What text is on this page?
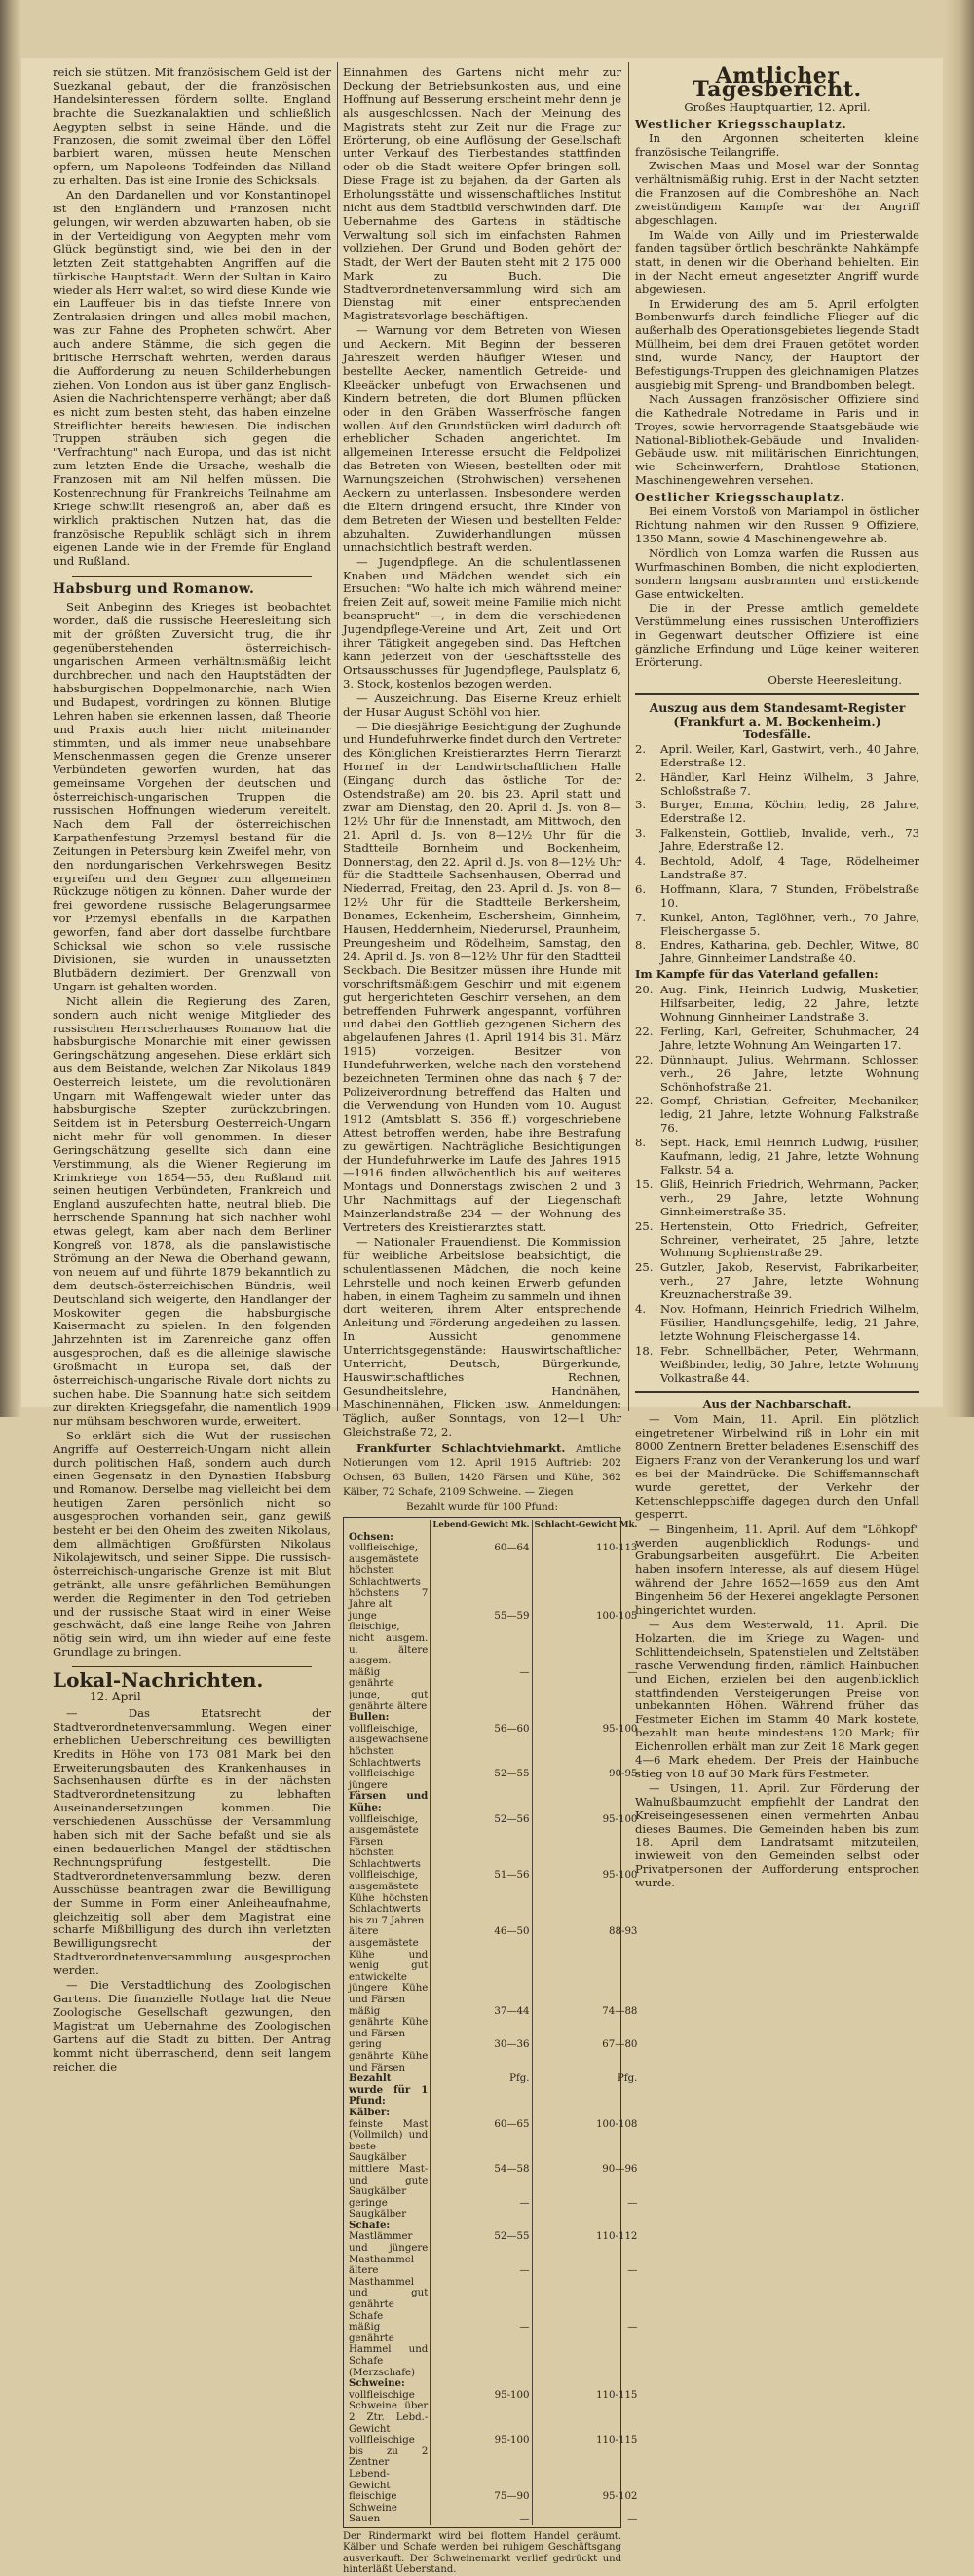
reich sie stützen. Mit französischem Geld ist der Suezkanal gebaut, der die französischen Handelsinteressen fördern sollte. England brachte die Suezkanalaktien und schließlich Aegypten selbst in seine Hände, und die Franzosen, die somit zweimal über den Löffel barbiert waren, müssen heute Menschen opfern, um Napoleons Todfeinden das Nilland zu erhalten. Das ist eine Ironie des Schicksals.

An den Dardanellen und vor Konstantinopel ist den Engländern und Franzosen nicht gelungen, wir werden abzuwarten haben, ob sie in der Verteidigung von Aegypten mehr vom Glück begünstigt sind, wie bei den in der letzten Zeit stattgehabten Angriffen auf die türkische Hauptstadt. Wenn der Sultan in Kairo wieder als Herr waltet, so wird diese Kunde wie ein Lauffeuer bis in das tiefste Innere von Zentralasien dringen und alles mobil machen, was zur Fahne des Propheten schwört. Aber auch andere Stämme, die sich gegen die britische Herrschaft wehrten, werden daraus die Aufforderung zu neuen Schilderhebungen ziehen. Von London aus ist über ganz Englisch-Asien die Nachrichtensperre verhängt; aber daß es nicht zum besten steht, das haben einzelne Streiflichter bereits bewiesen. Die indischen Truppen sträuben sich gegen die "Verfrachtung" nach Europa, und das ist nicht zum letzten Ende die Ursache, weshalb die Franzosen mit am Nil helfen müssen. Die Kostenrechnung für Frankreichs Teilnahme am Kriege schwillt riesengroß an, aber daß es wirklich praktischen Nutzen hat, das die französische Republik schlägt sich in ihrem eigenen Lande wie in der Fremde für England und Rußland.

Habsburg und Romanow.

Seit Anbeginn des Krieges ist beobachtet worden, daß die russische Heeresleitung sich mit der größten Zuversicht trug, die ihr gegenüberstehenden österreichisch-ungarischen Armeen verhältnismäßig leicht durchbrechen und nach den Hauptstädten der habsburgischen Doppelmonarchie, nach Wien und Budapest, vordringen zu können. Blutige Lehren haben sie erkennen lassen, daß Theorie und Praxis auch hier nicht miteinander stimmten, und als immer neue unabsehbare Menschenmassen gegen die Grenze unserer Verbündeten geworfen wurden, hat das gemeinsame Vorgehen der deutschen und österreichisch-ungarischen Truppen die russischen Hoffnungen wiederum vereitelt. Nach dem Fall der österreichischen Karpathenfestung Przemysl bestand für die Zeitungen in Petersburg kein Zweifel mehr, von den nordungarischen Verkehrswegen Besitz ergreifen und den Gegner zum allgemeinen Rückzuge nötigen zu können. Daher wurde der frei gewordene russische Belagerungsarmee vor Przemysl ebenfalls in die Karpathen geworfen, fand aber dort dasselbe furchtbare Schicksal wie schon so viele russische Divisionen, sie wurden in unaussetzten Blutbädern dezimiert. Der Grenzwall von Ungarn ist gehalten worden.

Nicht allein die Regierung des Zaren, sondern auch nicht wenige Mitglieder des russischen Herrscherhauses Romanow hat die habsburgische Monarchie mit einer gewissen Geringschätzung angesehen. Diese erklärt sich aus dem Beistande, welchen Zar Nikolaus 1849 Oesterreich leistete, um die revolutionären Ungarn mit Waffengewalt wieder unter das habsburgische Szepter zurückzubringen. Seitdem ist in Petersburg Oesterreich-Ungarn nicht mehr für voll genommen. In dieser Geringschätzung gesellte sich dann eine Verstimmung, als die Wiener Regierung im Krimkriege von 1854—55, den Rußland mit seinen heutigen Verbündeten, Frankreich und England auszufechten hatte, neutral blieb. Die herrschende Spannung hat sich nachher wohl etwas gelegt, kam aber nach dem Berliner Kongreß von 1878, als die panslawistische Strömung an der Newa die Oberhand gewann, von neuem auf und führte 1879 bekanntlich zu dem deutsch-österreichischen Bündnis, weil Deutschland sich weigerte, den Handlanger der Moskowiter gegen die habsburgische Kaisermacht zu spielen. In den folgenden Jahrzehnten ist im Zarenreiche ganz offen ausgesprochen, daß es die alleinige slawische Großmacht in Europa sei, daß der österreichisch-ungarische Rivale dort nichts zu suchen habe. Die Spannung hatte sich seitdem zur direkten Kriegsgefahr, die namentlich 1909 nur mühsam beschworen wurde, erweitert.

So erklärt sich die Wut der russischen Angriffe auf Oesterreich-Ungarn nicht allein durch politischen Haß, sondern auch durch einen Gegensatz in den Dynastien Habsburg und Romanow. Derselbe mag vielleicht bei dem heutigen Zaren persönlich nicht so ausgesprochen vorhanden sein, ganz gewiß besteht er bei den Oheim des zweiten Nikolaus, dem allmächtigen Großfürsten Nikolaus Nikolajewitsch, und seiner Sippe. Die russisch-österreichisch-ungarische Grenze ist mit Blut getränkt, alle unsre gefährlichen Bemühungen werden die Regimenter in den Tod getrieben und der russische Staat wird in einer Weise geschwächt, daß eine lange Reihe von Jahren nötig sein wird, um ihn wieder auf eine feste Grundlage zu bringen.

Lokal-Nachrichten. 12. April

— Das Etatsrecht der Stadtverordnetenversammlung. Wegen einer erheblichen Ueberschreitung des bewilligten Kredits in Höhe von 173 081 Mark bei den Erweiterungsbauten des Krankenhauses in Sachsenhausen dürfte es in der nächsten Stadtverordnetensitzung zu lebhaften Auseinandersetzungen kommen. Die verschiedenen Ausschüsse der Versammlung haben sich mit der Sache befaßt und sie als einen bedauerlichen Mangel der städtischen Rechnungsprüfung festgestellt. Die Stadtverordnetenversammlung bezw. deren Ausschüsse beantragen zwar die Bewilligung der Summe in Form einer Anleiheaufnahme, gleichzeitig soll aber dem Magistrat eine scharfe Mißbilligung des durch ihn verletzten Bewilligungsrecht der Stadtverordnetenversammlung ausgesprochen werden.

— Die Verstadtlichung des Zoologischen Gartens. Die finanzielle Notlage hat die Neue Zoologische Gesellschaft gezwungen, den Magistrat um Uebernahme des Zoologischen Gartens auf die Stadt zu bitten. Der Antrag kommt nicht überraschend, denn seit langem reichen die

Einnahmen des Gartens nicht mehr zur Deckung der Betriebsunkosten aus, und eine Hoffnung auf Besserung erscheint mehr denn je als ausgeschlossen. Nach der Meinung des Magistrats steht zur Zeit nur die Frage zur Erörterung, ob eine Auflösung der Gesellschaft unter Verkauf des Tierbestandes stattfinden oder ob die Stadt weitere Opfer bringen soll. Diese Frage ist zu bejahen, da der Garten als Erholungsstätte und wissenschaftliches Institut nicht aus dem Stadtbild verschwinden darf. Die Uebernahme des Gartens in städtische Verwaltung soll sich im einfachsten Rahmen vollziehen. Der Grund und Boden gehört der Stadt, der Wert der Bauten steht mit 2 175 000 Mark zu Buch. Die Stadtverordnetenversammlung wird sich am Dienstag mit einer entsprechenden Magistratsvorlage beschäftigen.

— Warnung vor dem Betreten von Wiesen und Aeckern. Mit Beginn der besseren Jahreszeit werden häufiger Wiesen und bestellte Aecker, namentlich Getreide- und Kleeäcker unbefugt von Erwachsenen und Kindern betreten, die dort Blumen pflücken oder in den Gräben Wasserfrösche fangen wollen. Auf den Grundstücken wird dadurch oft erheblicher Schaden angerichtet. Im allgemeinen Interesse ersucht die Feldpolizei das Betreten von Wiesen, bestellten oder mit Warnungszeichen (Strohwischen) versehenen Aeckern zu unterlassen. Insbesondere werden die Eltern dringend ersucht, ihre Kinder von dem Betreten der Wiesen und bestellten Felder abzuhalten. Zuwiderhandlungen müssen unnachsichtlich bestraft werden.

— Jugendpflege. An die schulentlassenen Knaben und Mädchen wendet sich ein Ersuchen: "Wo halte ich mich während meiner freien Zeit auf, soweit meine Familie mich nicht beansprucht" —, in dem die verschiedenen Jugendpflege-Vereine und Art, Zeit und Ort ihrer Tätigkeit angegeben sind. Das Heftchen kann jederzeit von der Geschäftsstelle des Ortsausschusses für Jugendpflege, Paulsplatz 6, 3. Stock, kostenlos bezogen werden.

— Auszeichnung. Das Eiserne Kreuz erhielt der Husar August Schöhl von hier.

— Die diesjährige Besichtigung der Zughunde und Hundefuhrwerke findet durch den Vertreter des Königlichen Kreistierarztes Herrn Tierarzt Hornef in der Landwirtschaftlichen Halle (Eingang durch das östliche Tor der Ostendstraße) am 20. bis 23. April statt und zwar am Dienstag, den 20. April d. Js. von 8—12½ Uhr für die Innenstadt, am Mittwoch, den 21. April d. Js. von 8—12½ Uhr für die Stadtteile Bornheim und Bockenheim, Donnerstag, den 22. April d. Js. von 8—12½ Uhr für die Stadtteile Sachsenhausen, Oberrad und Niederrad, Freitag, den 23. April d. Js. von 8—12½ Uhr für die Stadtteile Berkersheim, Bonames, Eckenheim, Eschersheim, Ginnheim, Hausen, Heddernheim, Niederursel, Praunheim, Preungesheim und Rödelheim, Samstag, den 24. April d. Js. von 8—12½ Uhr für den Stadtteil Seckbach. Die Besitzer müssen ihre Hunde mit vorschriftsmäßigem Geschirr und mit eigenem gut hergerichteten Geschirr versehen, an dem betreffenden Fuhrwerk angespannt, vorführen und dabei den Gottlieb gezogenen Sichern des abgelaufenen Jahres (1. April 1914 bis 31. März 1915) vorzeigen. Besitzer von Hundefuhrwerken, welche nach den vorstehend bezeichneten Terminen ohne das nach § 7 der Polizeiverordnung betreffend das Halten und die Verwendung von Hunden vom 10. August 1912 (Amtsblatt S. 356 ff.) vorgeschriebene Attest betroffen werden, habe ihre Bestrafung zu gewärtigen. Nachträgliche Besichtigungen der Hundefuhrwerke im Laufe des Jahres 1915—1916 finden allwöchentlich bis auf weiteres Montags und Donnerstags zwischen 2 und 3 Uhr Nachmittags auf der Liegenschaft Mainzerlandstraße 234 — der Wohnung des Vertreters des Kreistierarztes statt.

— Nationaler Frauendienst. Die Kommission für weibliche Arbeitslose beabsichtigt, die schulentlassenen Mädchen, die noch keine Lehrstelle und noch keinen Erwerb gefunden haben, in einem Tagheim zu sammeln und ihnen dort weiteren, ihrem Alter entsprechende Anleitung und Förderung angedeihen zu lassen. In Aussicht genommene Unterrichtsgegenstände: Hauswirtschaftlicher Unterricht, Deutsch, Bürgerkunde, Hauswirtschaftliches Rechnen, Gesundheitslehre, Handnähen, Maschinennähen, Flicken usw. Anmeldungen: Täglich, außer Sonntags, von 12—1 Uhr Gleichstraße 72, 2.

Frankfurter Schlachtviehmarkt. Amtliche Notierungen vom 12. April 1915 Auftrieb: 202 Ochsen, 63 Bullen, 1420 Färsen und Kühe, 362 Kälber, 72 Schafe, 2109 Schweine. — Ziegen

Bezahlt wurde für 100 Pfund:

	Lebend-Gewicht Mk.	Schlacht-Gewicht Mk.
Ochsen:		
vollfleischige, ausgemästete höchsten Schlachtwerts höchstens 7 Jahre alt	60—64	110-113
junge fleischige, nicht ausgem. u. ältere ausgem.	55—59	100-105
mäßig genährte junge, gut genährte ältere	—	—
Bullen:		
vollfleischige, ausgewachsene höchsten Schlachtwerts	56—60	95-100
vollfleischige jüngere	52—55	90-95
Färsen und Kühe:		
vollfleischige, ausgemästete Färsen höchsten Schlachtwerts	52—56	95-100
vollfleischige, ausgemästete Kühe höchsten Schlachtwerts bis zu 7 Jahren	51—56	95-100
ältere ausgemästete Kühe und wenig gut entwickelte jüngere Kühe und Färsen	46—50	88-93
mäßig genährte Kühe und Färsen	37—44	74—88
gering genährte Kühe und Färsen	30—36	67—80
Bezahlt wurde für 1 Pfund:	Pfg.	Pfg.
Kälber:		
feinste Mast (Vollmilch) und beste Saugkälber	60—65	100-108
mittlere Mast- und gute Saugkälber	54—58	90—96
geringe Saugkälber	—	—
Schafe:		
Mastlämmer und jüngere Masthammel	52—55	110-112
ältere Masthammel und gut genährte Schafe	—	—
mäßig genährte Hammel und Schafe (Merzschafe)	—	—
Schweine:		
vollfleischige Schweine über 2 Ztr. Lebd.-Gewicht	95-100	110-115
vollfleischige bis zu 2 Zentner Lebend-Gewicht	95-100	110-115
fleischige Schweine	75—90	95-102
Sauen	—	—

Der Rindermarkt wird bei flottem Handel geräumt. Kälber und Schafe werden bei ruhigem Geschäftsgang ausverkauft. Der Schweinemarkt verlief gedrückt und hinterläßt Ueberstand.

Amtlicher Tagesbericht.

Großes Hauptquartier, 12. April.

Westlicher Kriegsschauplatz.

In den Argonnen scheiterten kleine französische Teilangriffe.

Zwischen Maas und Mosel war der Sonntag verhältnismäßig ruhig. Erst in der Nacht setzten die Franzosen auf die Combreshöhe an. Nach zweistündigem Kampfe war der Angriff abgeschlagen.

Im Walde von Ailly und im Priesterwalde fanden tagsüber örtlich beschränkte Nahkämpfe statt, in denen wir die Oberhand behielten. Ein in der Nacht erneut angesetzter Angriff wurde abgewiesen.

In Erwiderung des am 5. April erfolgten Bombenwurfs durch feindliche Flieger auf die außerhalb des Operationsgebietes liegende Stadt Müllheim, bei dem drei Frauen getötet worden sind, wurde Nancy, der Hauptort der Befestigungs-Truppen des gleichnamigen Platzes ausgiebig mit Spreng- und Brandbomben belegt.

Nach Aussagen französischer Offiziere sind die Kathedrale Notredame in Paris und in Troyes, sowie hervorragende Staatsgebäude wie National-Bibliothek-Gebäude und Invaliden-Gebäude usw. mit militärischen Einrichtungen, wie Scheinwerfern, Drahtlose Stationen, Maschinengewehren versehen.

Oestlicher Kriegsschauplatz.

Bei einem Vorstoß von Mariampol in östlicher Richtung nahmen wir den Russen 9 Offiziere, 1350 Mann, sowie 4 Maschinengewehre ab.

Nördlich von Lomza warfen die Russen aus Wurfmaschinen Bomben, die nicht explodierten, sondern langsam ausbrannten und erstickende Gase entwickelten.

Die in der Presse amtlich gemeldete Verstümmelung eines russischen Unteroffiziers in Gegenwart deutscher Offiziere ist eine gänzliche Erfindung und Lüge keiner weiteren Erörterung.

Oberste Heeresleitung.

Auszug aus dem Standesamt-Register (Frankfurt a. M. Bockenheim.)

Todesfälle.

2. April. Weiler, Karl, Gastwirt, verh., 40 Jahre, Ederstraße 12.
2. Händler, Karl Heinz Wilhelm, 3 Jahre, Schloßstraße 7.
3. Burger, Emma, Köchin, ledig, 28 Jahre, Ederstraße 12.
3. Falkenstein, Gottlieb, Invalide, verh., 73 Jahre, Ederstraße 12.
4. Bechtold, Adolf, 4 Tage, Rödelheimer Landstraße 87.
6. Hoffmann, Klara, 7 Stunden, Fröbelstraße 10.
7. Kunkel, Anton, Taglöhner, verh., 70 Jahre, Fleischergasse 5.
8. Endres, Katharina, geb. Dechler, Witwe, 80 Jahre, Ginnheimer Landstraße 40.

Im Kampfe für das Vaterland gefallen:

20. Aug. Fink, Heinrich Ludwig, Musketier, Hilfsarbeiter, ledig, 22 Jahre, letzte Wohnung Ginnheimer Landstraße 3.
22. Ferling, Karl, Gefreiter, Schuhmacher, 24 Jahre, letzte Wohnung Am Weingarten 17.
22. Dünnhaupt, Julius, Wehrmann, Schlosser, verh., 26 Jahre, letzte Wohnung Schönhofstraße 21.
22. Gompf, Christian, Gefreiter, Mechaniker, ledig, 21 Jahre, letzte Wohnung Falkstraße 76.
8. Sept. Hack, Emil Heinrich Ludwig, Füsilier, Kaufmann, ledig, 21 Jahre, letzte Wohnung Falkstr. 54 a.
15. Gliß, Heinrich Friedrich, Wehrmann, Packer, verh., 29 Jahre, letzte Wohnung Ginnheimerstraße 35.
25. Hertenstein, Otto Friedrich, Gefreiter, Schreiner, verheiratet, 25 Jahre, letzte Wohnung Sophienstraße 29.
25. Gutzler, Jakob, Reservist, Fabrikarbeiter, verh., 27 Jahre, letzte Wohnung Kreuznacherstraße 39.
4. Nov. Hofmann, Heinrich Friedrich Wilhelm, Füsilier, Handlungsgehilfe, ledig, 21 Jahre, letzte Wohnung Fleischergasse 14.
18. Febr. Schnellbächer, Peter, Wehrmann, Weißbinder, ledig, 30 Jahre, letzte Wohnung Volkastraße 44.

Aus der Nachbarschaft.

— Vom Main, 11. April. Ein plötzlich eingetretener Wirbelwind riß in Lohr ein mit 8000 Zentnern Bretter beladenes Eisenschiff des Eigners Franz von der Verankerung los und warf es bei der Maindrücke. Die Schiffsmannschaft wurde gerettet, der Verkehr der Kettenschleppschiffe dagegen durch den Unfall gesperrt.

— Bingenheim, 11. April. Auf dem "Löhkopf" werden augenblicklich Rodungs- und Grabungsarbeiten ausgeführt. Die Arbeiten haben insofern Interesse, als auf diesem Hügel während der Jahre 1652—1659 aus den Amt Bingenheim 56 der Hexerei angeklagte Personen hingerichtet wurden.

— Aus dem Westerwald, 11. April. Die Holzarten, die im Kriege zu Wagen- und Schlittendeichseln, Spatenstielen und Zeltstäben rasche Verwendung finden, nämlich Hainbuchen und Eichen, erzielen bei den augenblicklich stattfindenden Versteigerungen Preise von unbekannten Höhen. Während früher das Festmeter Eichen im Stamm 40 Mark kostete, bezahlt man heute mindestens 120 Mark; für Eichenrollen erhält man zur Zeit 18 Mark gegen 4—6 Mark ehedem. Der Preis der Hainbuche stieg von 18 auf 30 Mark fürs Festmeter.

— Usingen, 11. April. Zur Förderung der Walnußbaumzucht empfiehlt der Landrat den Kreiseingesessenen einen vermehrten Anbau dieses Baumes. Die Gemeinden haben bis zum 18. April dem Landratsamt mitzuteilen, inwieweit von den Gemeinden selbst oder Privatpersonen der Aufforderung entsprochen wurde.
